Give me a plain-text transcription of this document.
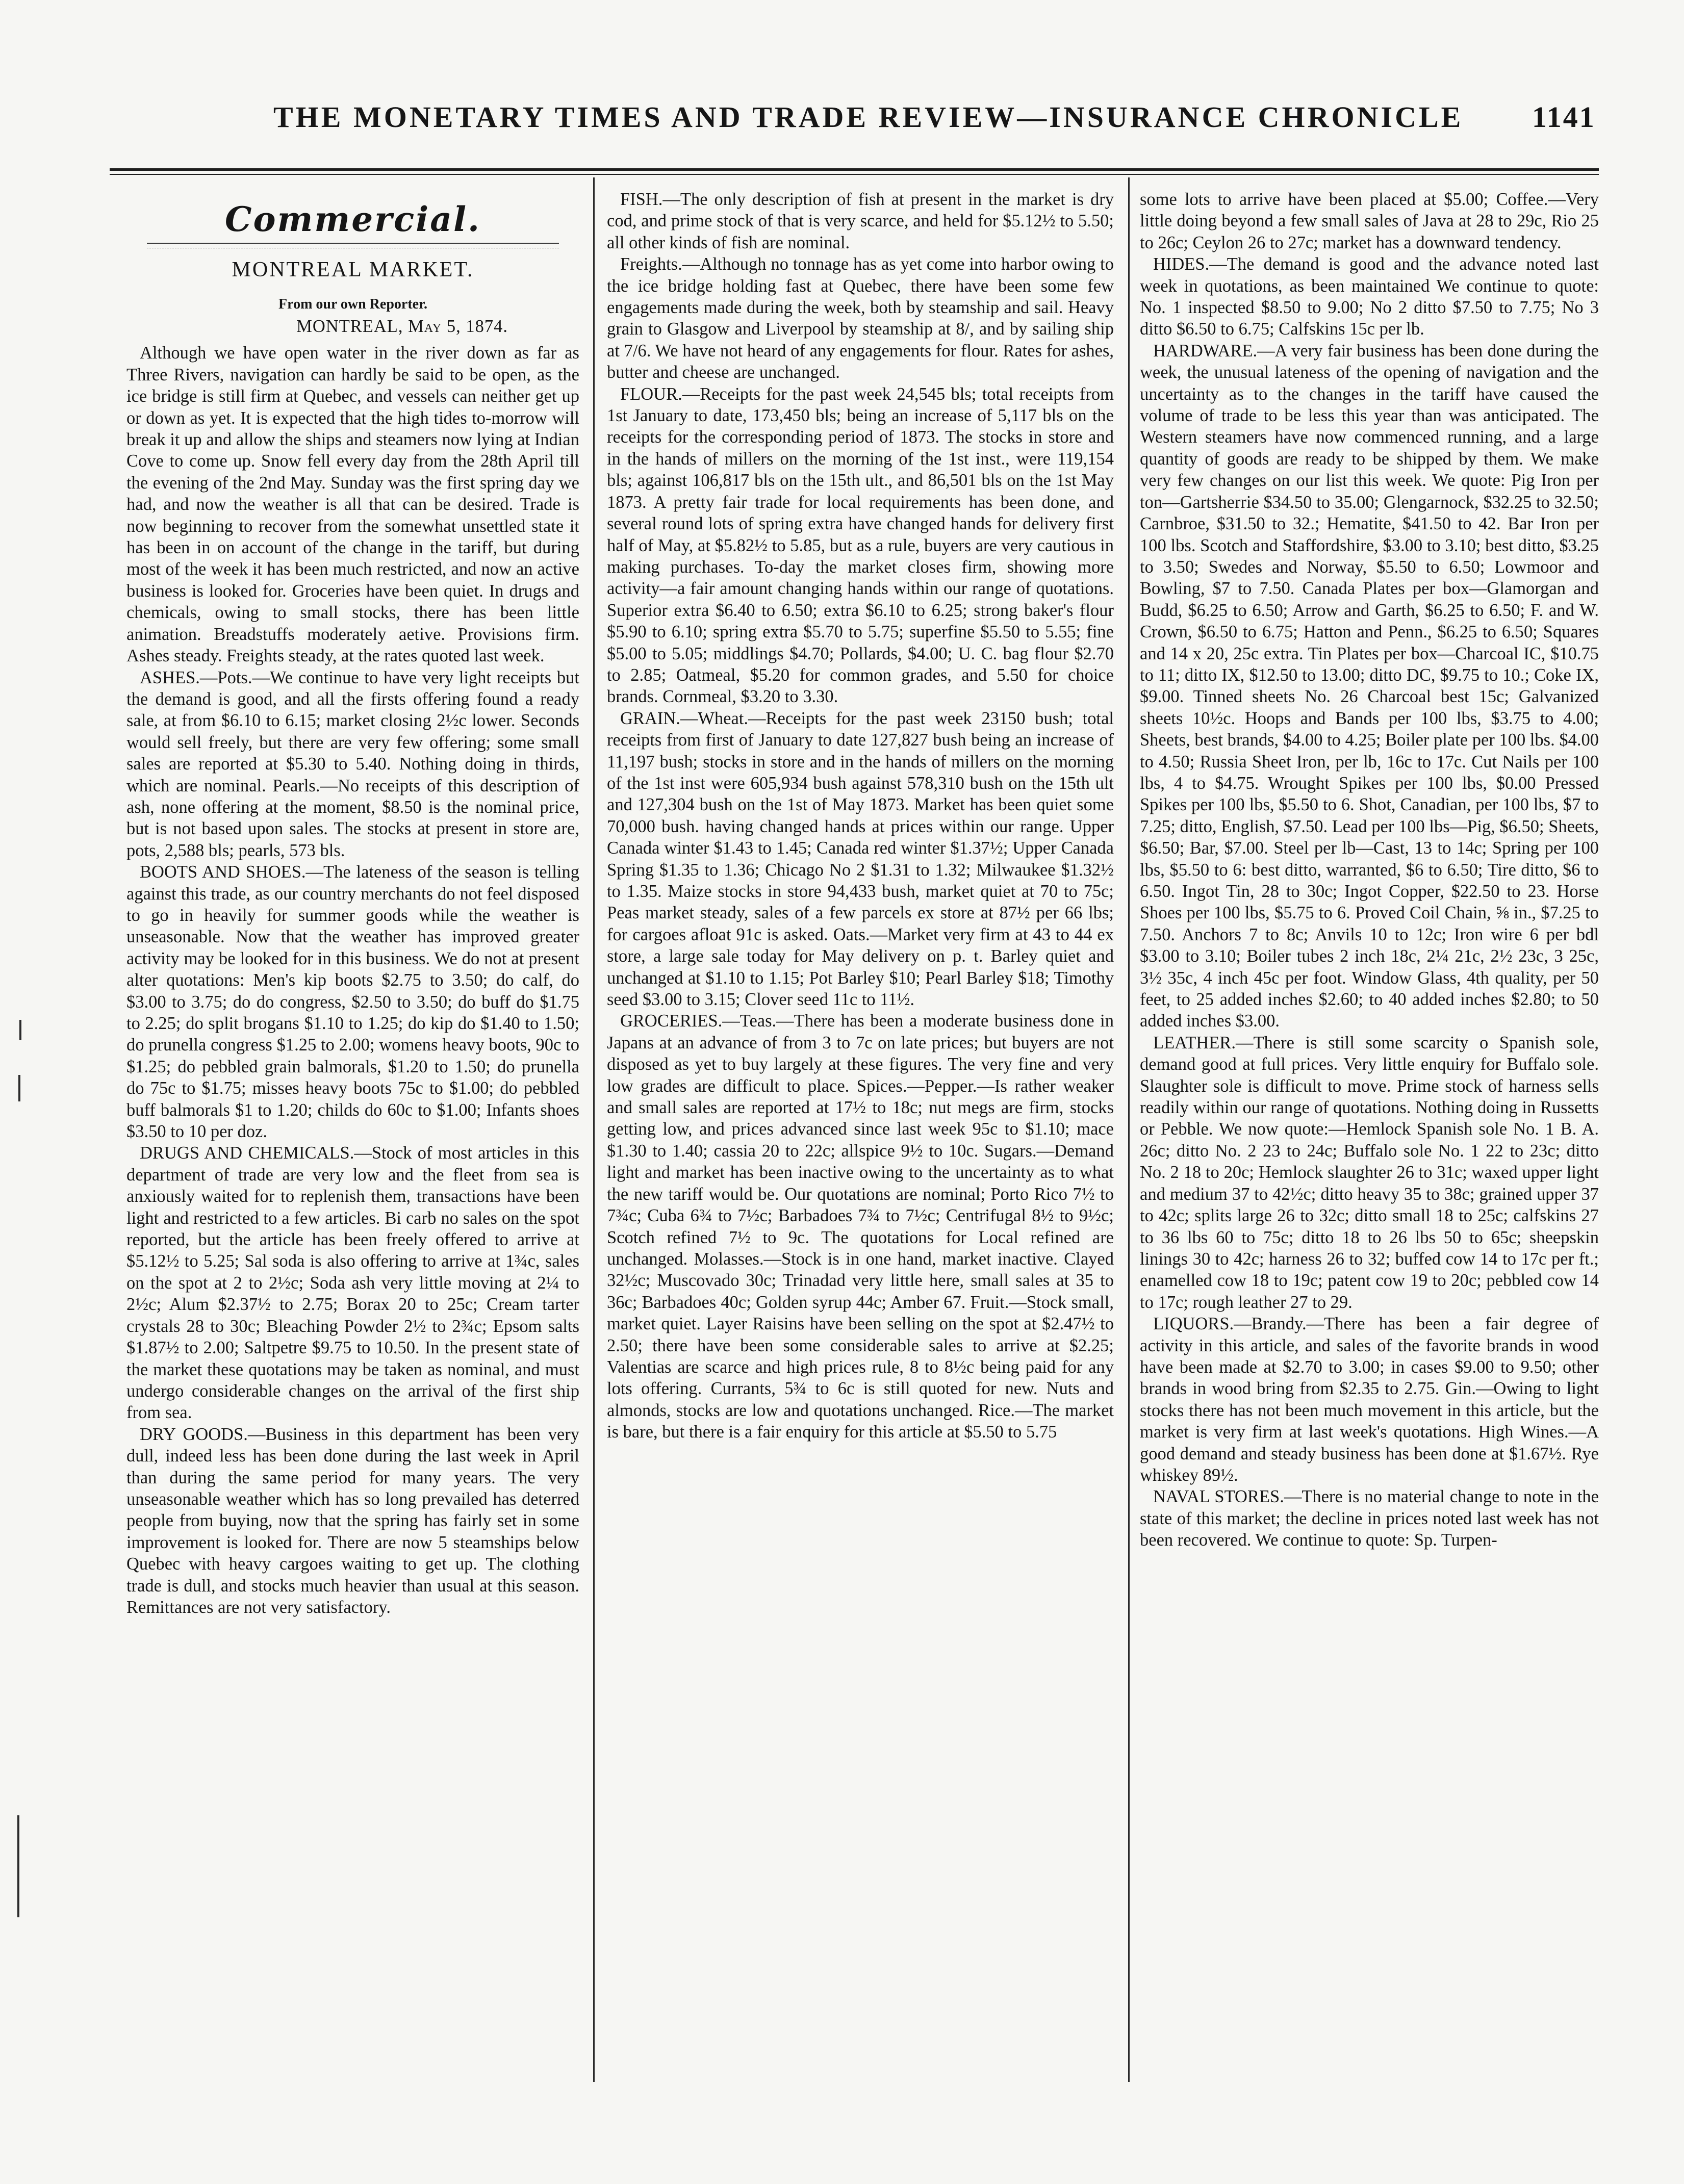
THE MONETARY TIMES AND TRADE REVIEW—INSURANCE CHRONICLE 1141
Commercial.
MONTREAL MARKET.
From our own Reporter.
MONTREAL, May 5, 1874.

Although we have open water in the river down as far as Three Rivers, navigation can hardly be said to be open, as the ice bridge is still firm at Quebec, and vessels can neither get up or down as yet. It is expected that the high tides to-morrow will break it up and allow the ships and steamers now lying at Indian Cove to come up. Snow fell every day from the 28th April till the evening of the 2nd May. Sunday was the first spring day we had, and now the weather is all that can be desired. Trade is now beginning to recover from the somewhat unsettled state it has been in on account of the change in the tariff, but during most of the week it has been much restricted, and now an active business is looked for. Groceries have been quiet. In drugs and chemicals, owing to small stocks, there has been little animation. Breadstuffs moderately aetive. Provisions firm. Ashes steady. Freights steady, at the rates quoted last week.

ASHES.—Pots.—We continue to have very light receipts but the demand is good, and all the firsts offering found a ready sale, at from $6.10 to 6.15; market closing 2½c lower. Seconds would sell freely, but there are very few offering; some small sales are reported at $5.30 to 5.40. Nothing doing in thirds, which are nominal. Pearls.—No receipts of this description of ash, none offering at the moment, $8.50 is the nominal price, but is not based upon sales. The stocks at present in store are, pots, 2,588 bls; pearls, 573 bls.

BOOTS AND SHOES.—The lateness of the season is telling against this trade, as our country merchants do not feel disposed to go in heavily for summer goods while the weather is unseasonable. Now that the weather has improved greater activity may be looked for in this business. We do not at present alter quotations: Men's kip boots $2.75 to 3.50; do calf, do $3.00 to 3.75; do do congress, $2.50 to 3.50; do buff do $1.75 to 2.25; do split brogans $1.10 to 1.25; do kip do $1.40 to 1.50; do prunella congress $1.25 to 2.00; womens heavy boots, 90c to $1.25; do pebbled grain balmorals, $1.20 to 1.50; do prunella do 75c to $1.75; misses heavy boots 75c to $1.00; do pebbled buff balmorals $1 to 1.20; childs do 60c to $1.00; Infants shoes $3.50 to 10 per doz.

DRUGS AND CHEMICALS.—Stock of most articles in this department of trade are very low and the fleet from sea is anxiously waited for to replenish them, transactions have been light and restricted to a few articles. Bi carb no sales on the spot reported, but the article has been freely offered to arrive at $5.12½ to 5.25; Sal soda is also offering to arrive at 1¾c, sales on the spot at 2 to 2½c; Soda ash very little moving at 2¼ to 2½c; Alum $2.37½ to 2.75; Borax 20 to 25c; Cream tarter crystals 28 to 30c; Bleaching Powder 2½ to 2¾c; Epsom salts $1.87½ to 2.00; Saltpetre $9.75 to 10.50. In the present state of the market these quotations may be taken as nominal, and must undergo considerable changes on the arrival of the first ship from sea.

DRY GOODS.—Business in this department has been very dull, indeed less has been done during the last week in April than during the same period for many years. The very unseasonable weather which has so long prevailed has deterred people from buying, now that the spring has fairly set in some improvement is looked for. There are now 5 steamships below Quebec with heavy cargoes waiting to get up. The clothing trade is dull, and stocks much heavier than usual at this season. Remittances are not very satisfactory.

FISH.—The only description of fish at present in the market is dry cod, and prime stock of that is very scarce, and held for $5.12½ to 5.50; all other kinds of fish are nominal.

Freights.—Although no tonnage has as yet come into harbor owing to the ice bridge holding fast at Quebec, there have been some few engagements made during the week, both by steamship and sail. Heavy grain to Glasgow and Liverpool by steamship at 8/, and by sailing ship at 7/6. We have not heard of any engagements for flour. Rates for ashes, butter and cheese are unchanged.

FLOUR.—Receipts for the past week 24,545 bls; total receipts from 1st January to date, 173,450 bls; being an increase of 5,117 bls on the receipts for the corresponding period of 1873. The stocks in store and in the hands of millers on the morning of the 1st inst., were 119,154 bls; against 106,817 bls on the 15th ult., and 86,501 bls on the 1st May 1873. A pretty fair trade for local requirements has been done, and several round lots of spring extra have changed hands for delivery first half of May, at $5.82½ to 5.85, but as a rule, buyers are very cautious in making purchases. To-day the market closes firm, showing more activity—a fair amount changing hands within our range of quotations. Superior extra $6.40 to 6.50; extra $6.10 to 6.25; strong baker's flour $5.90 to 6.10; spring extra $5.70 to 5.75; superfine $5.50 to 5.55; fine $5.00 to 5.05; middlings $4.70; Pollards, $4.00; U. C. bag flour $2.70 to 2.85; Oatmeal, $5.20 for common grades, and 5.50 for choice brands. Cornmeal, $3.20 to 3.30.

GRAIN.—Wheat.—Receipts for the past week 23150 bush; total receipts from first of January to date 127,827 bush being an increase of 11,197 bush; stocks in store and in the hands of millers on the morning of the 1st inst were 605,934 bush against 578,310 bush on the 15th ult and 127,304 bush on the 1st of May 1873. Market has been quiet some 70,000 bush. having changed hands at prices within our range. Upper Canada winter $1.43 to 1.45; Canada red winter $1.37½; Upper Canada Spring $1.35 to 1.36; Chicago No 2 $1.31 to 1.32; Milwaukee $1.32½ to 1.35. Maize stocks in store 94,433 bush, market quiet at 70 to 75c; Peas market steady, sales of a few parcels ex store at 87½ per 66 lbs; for cargoes afloat 91c is asked. Oats.—Market very firm at 43 to 44 ex store, a large sale today for May delivery on p. t. Barley quiet and unchanged at $1.10 to 1.15; Pot Barley $10; Pearl Barley $18; Timothy seed $3.00 to 3.15; Clover seed 11c to 11½.

GROCERIES.—Teas.—There has been a moderate business done in Japans at an advance of from 3 to 7c on late prices; but buyers are not disposed as yet to buy largely at these figures. The very fine and very low grades are difficult to place. Spices.—Pepper.—Is rather weaker and small sales are reported at 17½ to 18c; nut megs are firm, stocks getting low, and prices advanced since last week 95c to $1.10; mace $1.30 to 1.40; cassia 20 to 22c; allspice 9½ to 10c. Sugars.—Demand light and market has been inactive owing to the uncertainty as to what the new tariff would be. Our quotations are nominal; Porto Rico 7½ to 7¾c; Cuba 6¾ to 7½c; Barbadoes 7¾ to 7½c; Centrifugal 8½ to 9½c; Scotch refined 7½ to 9c. The quotations for Local refined are unchanged. Molasses.—Stock is in one hand, market inactive. Clayed 32½c; Muscovado 30c; Trinadad very little here, small sales at 35 to 36c; Barbadoes 40c; Golden syrup 44c; Amber 67. Fruit.—Stock small, market quiet. Layer Raisins have been selling on the spot at $2.47½ to 2.50; there have been some considerable sales to arrive at $2.25; Valentias are scarce and high prices rule, 8 to 8½c being paid for any lots offering. Currants, 5¾ to 6c is still quoted for new. Nuts and almonds, stocks are low and quotations unchanged. Rice.—The market is bare, but there is a fair enquiry for this article at $5.50 to 5.75

some lots to arrive have been placed at $5.00; Coffee.—Very little doing beyond a few small sales of Java at 28 to 29c, Rio 25 to 26c; Ceylon 26 to 27c; market has a downward tendency.

HIDES.—The demand is good and the advance noted last week in quotations, as been maintained We continue to quote: No. 1 inspected $8.50 to 9.00; No 2 ditto $7.50 to 7.75; No 3 ditto $6.50 to 6.75; Calfskins 15c per lb.

HARDWARE.—A very fair business has been done during the week, the unusual lateness of the opening of navigation and the uncertainty as to the changes in the tariff have caused the volume of trade to be less this year than was anticipated. The Western steamers have now commenced running, and a large quantity of goods are ready to be shipped by them. We make very few changes on our list this week. We quote: Pig Iron per ton—Gartsherrie $34.50 to 35.00; Glengarnock, $32.25 to 32.50; Carnbroe, $31.50 to 32.; Hematite, $41.50 to 42. Bar Iron per 100 lbs. Scotch and Staffordshire, $3.00 to 3.10; best ditto, $3.25 to 3.50; Swedes and Norway, $5.50 to 6.50; Lowmoor and Bowling, $7 to 7.50. Canada Plates per box—Glamorgan and Budd, $6.25 to 6.50; Arrow and Garth, $6.25 to 6.50; F. and W. Crown, $6.50 to 6.75; Hatton and Penn., $6.25 to 6.50; Squares and 14 x 20, 25c extra. Tin Plates per box—Charcoal IC, $10.75 to 11; ditto IX, $12.50 to 13.00; ditto DC, $9.75 to 10.; Coke IX, $9.00. Tinned sheets No. 26 Charcoal best 15c; Galvanized sheets 10½c. Hoops and Bands per 100 lbs, $3.75 to 4.00; Sheets, best brands, $4.00 to 4.25; Boiler plate per 100 lbs. $4.00 to 4.50; Russia Sheet Iron, per lb, 16c to 17c. Cut Nails per 100 lbs, 4 to $4.75. Wrought Spikes per 100 lbs, $0.00 Pressed Spikes per 100 lbs, $5.50 to 6. Shot, Canadian, per 100 lbs, $7 to 7.25; ditto, English, $7.50. Lead per 100 lbs—Pig, $6.50; Sheets, $6.50; Bar, $7.00. Steel per lb—Cast, 13 to 14c; Spring per 100 lbs, $5.50 to 6: best ditto, warranted, $6 to 6.50; Tire ditto, $6 to 6.50. Ingot Tin, 28 to 30c; Ingot Copper, $22.50 to 23. Horse Shoes per 100 lbs, $5.75 to 6. Proved Coil Chain, ⅝ in., $7.25 to 7.50. Anchors 7 to 8c; Anvils 10 to 12c; Iron wire 6 per bdl $3.00 to 3.10; Boiler tubes 2 inch 18c, 2¼ 21c, 2½ 23c, 3 25c, 3½ 35c, 4 inch 45c per foot. Window Glass, 4th quality, per 50 feet, to 25 added inches $2.60; to 40 added inches $2.80; to 50 added inches $3.00.

LEATHER.—There is still some scarcity o Spanish sole, demand good at full prices. Very little enquiry for Buffalo sole. Slaughter sole is difficult to move. Prime stock of harness sells readily within our range of quotations. Nothing doing in Russetts or Pebble. We now quote:—Hemlock Spanish sole No. 1 B. A. 26c; ditto No. 2 23 to 24c; Buffalo sole No. 1 22 to 23c; ditto No. 2 18 to 20c; Hemlock slaughter 26 to 31c; waxed upper light and medium 37 to 42½c; ditto heavy 35 to 38c; grained upper 37 to 42c; splits large 26 to 32c; ditto small 18 to 25c; calfskins 27 to 36 lbs 60 to 75c; ditto 18 to 26 lbs 50 to 65c; sheepskin linings 30 to 42c; harness 26 to 32; buffed cow 14 to 17c per ft.; enamelled cow 18 to 19c; patent cow 19 to 20c; pebbled cow 14 to 17c; rough leather 27 to 29.

LIQUORS.—Brandy.—There has been a fair degree of activity in this article, and sales of the favorite brands in wood have been made at $2.70 to 3.00; in cases $9.00 to 9.50; other brands in wood bring from $2.35 to 2.75. Gin.—Owing to light stocks there has not been much movement in this article, but the market is very firm at last week's quotations. High Wines.—A good demand and steady business has been done at $1.67½. Rye whiskey 89½.

NAVAL STORES.—There is no material change to note in the state of this market; the decline in prices noted last week has not been recovered. We continue to quote: Sp. Turpen-
